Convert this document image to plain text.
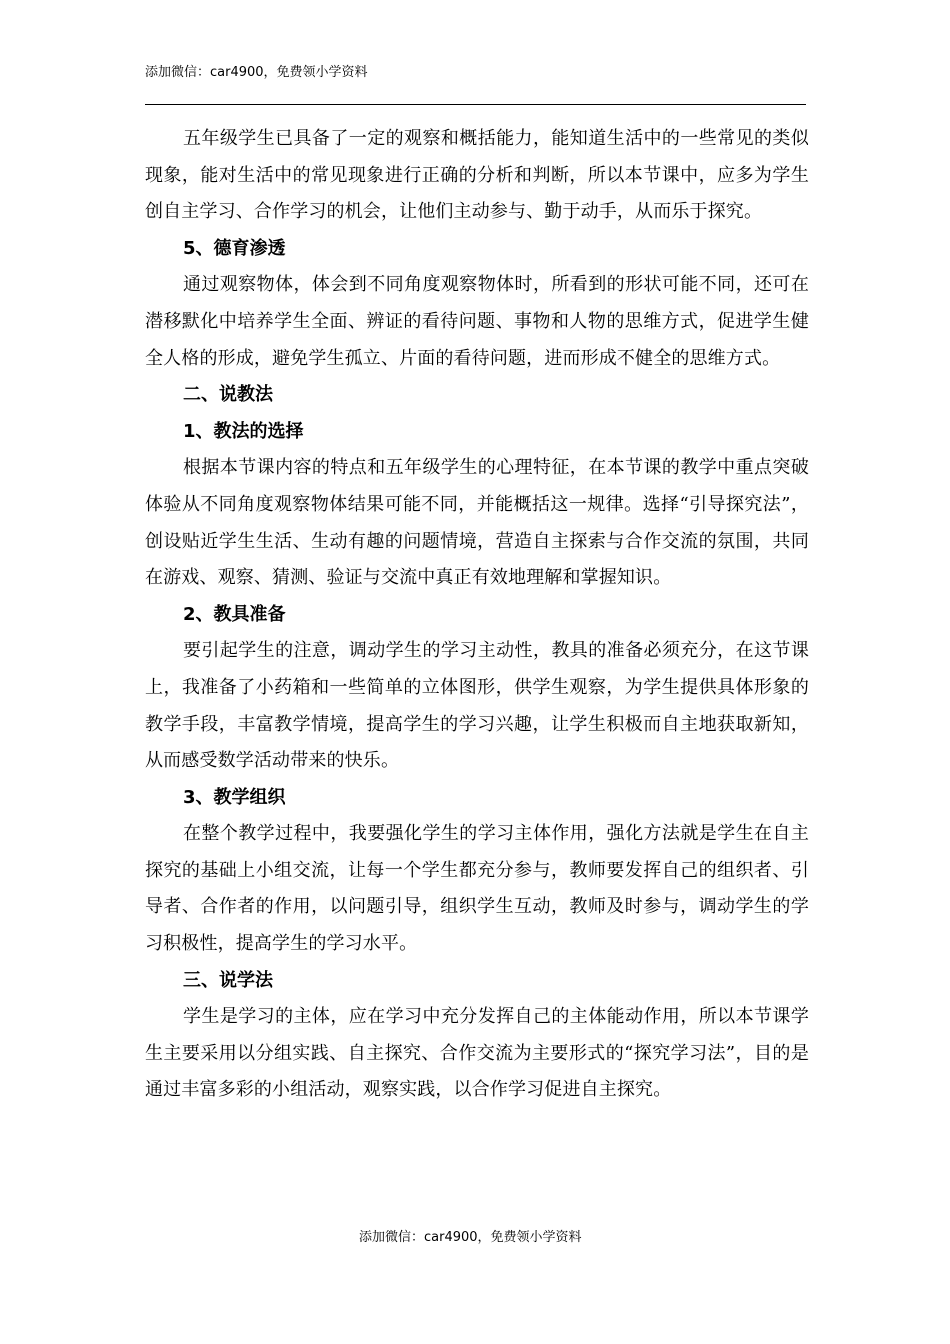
添加微信：car4900，免费领小学资料

五年级学生已具备了一定的观察和概括能力，能知道生活中的一些常见的类似现象，能对生活中的常见现象进行正确的分析和判断，所以本节课中，应多为学生创自主学习、合作学习的机会，让他们主动参与、勤于动手，从而乐于探究。

5、德育渗透

通过观察物体，体会到不同角度观察物体时，所看到的形状可能不同，还可在潜移默化中培养学生全面、辨证的看待问题、事物和人物的思维方式，促进学生健全人格的形成，避免学生孤立、片面的看待问题，进而形成不健全的思维方式。

二、说教法
1、教法的选择

根据本节课内容的特点和五年级学生的心理特征，在本节课的教学中重点突破体验从不同角度观察物体结果可能不同，并能概括这一规律。选择“引导探究法”，创设贴近学生生活、生动有趣的问题情境，营造自主探索与合作交流的氛围，共同在游戏、观察、猜测、验证与交流中真正有效地理解和掌握知识。

2、教具准备

要引起学生的注意，调动学生的学习主动性，教具的准备必须充分，在这节课上，我准备了小药箱和一些简单的立体图形，供学生观察，为学生提供具体形象的教学手段，丰富教学情境，提高学生的学习兴趣，让学生积极而自主地获取新知，从而感受数学活动带来的快乐。

3、教学组织

在整个教学过程中，我要强化学生的学习主体作用，强化方法就是学生在自主探究的基础上小组交流，让每一个学生都充分参与，教师要发挥自己的组织者、引导者、合作者的作用，以问题引导，组织学生互动，教师及时参与，调动学生的学习积极性，提高学生的学习水平。

三、说学法

学生是学习的主体，应在学习中充分发挥自己的主体能动作用，所以本节课学生主要采用以分组实践、自主探究、合作交流为主要形式的“探究学习法”，目的是通过丰富多彩的小组活动，观察实践，以合作学习促进自主探究。

添加微信：car4900，免费领小学资料
